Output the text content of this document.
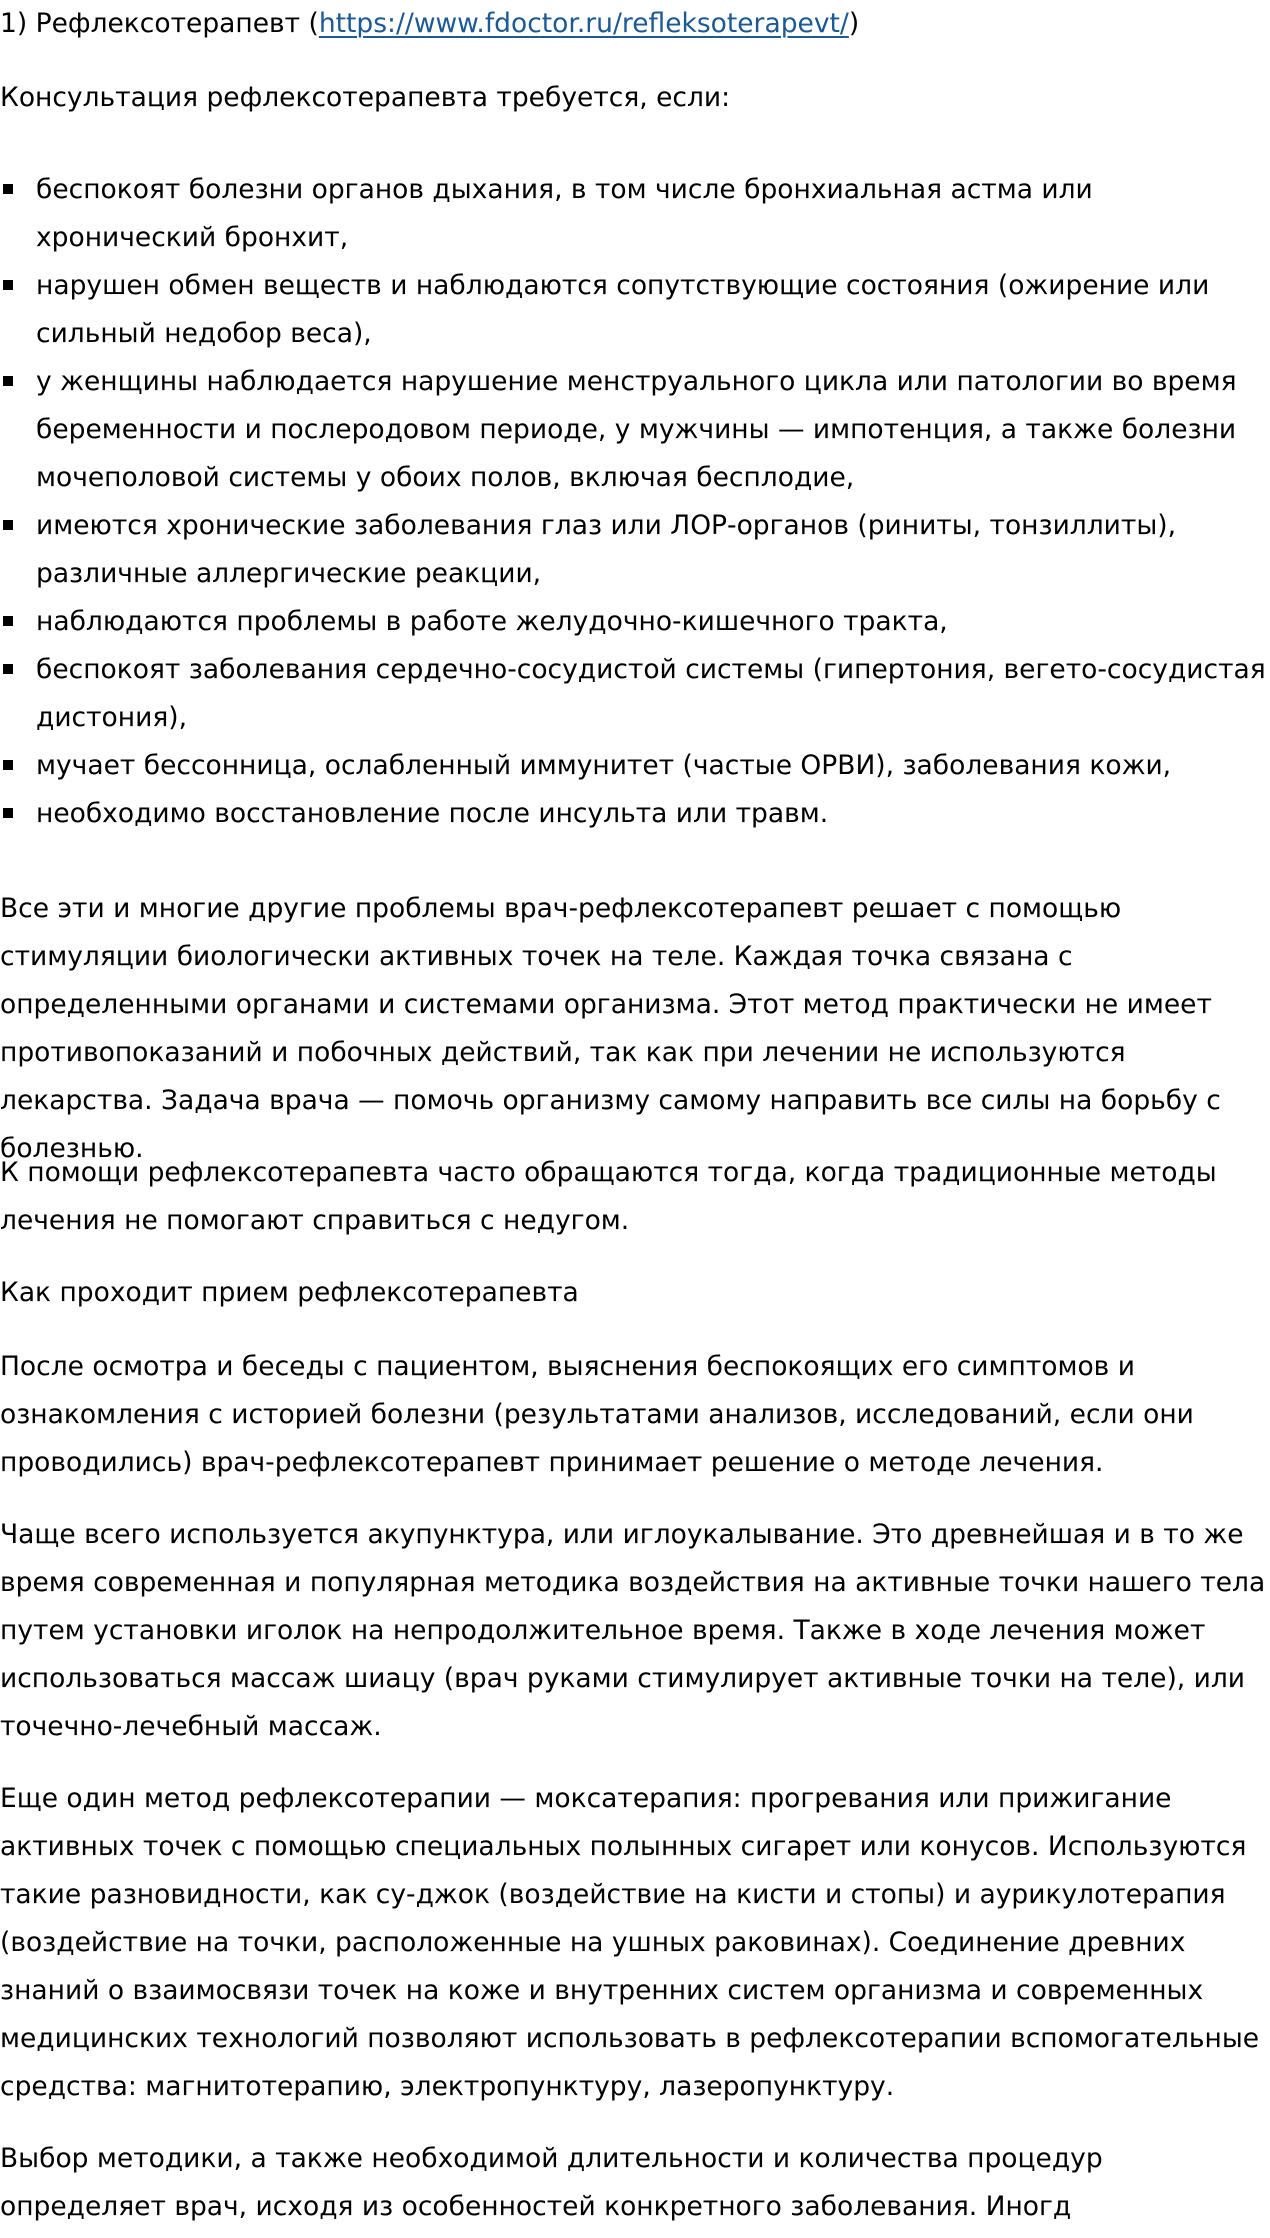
1) Рефлексотерапевт (https://www.fdoctor.ru/refleksoterapevt/)
Консультация рефлексотерапевта требуется, если:
беспокоят болезни органов дыхания, в том числе бронхиальная астма или хронический бронхит,
нарушен обмен веществ и наблюдаются сопутствующие состояния (ожирение или сильный недобор веса),
у женщины наблюдается нарушение менструального цикла или патологии во время беременности и послеродовом периоде, у мужчины — импотенция, а также болезни мочеполовой системы у обоих полов, включая бесплодие,
имеются хронические заболевания глаз или ЛОР-органов (риниты, тонзиллиты), различные аллергические реакции,
наблюдаются проблемы в работе желудочно-кишечного тракта,
беспокоят заболевания сердечно-сосудистой системы (гипертония, вегето-сосудистая дистония),
мучает бессонница, ослабленный иммунитет (частые ОРВИ), заболевания кожи,
необходимо восстановление после инсульта или травм.

Все эти и многие другие проблемы врач-рефлексотерапевт решает с помощью стимуляции биологически активных точек на теле. Каждая точка связана с определенными органами и системами организма. Этот метод практически не имеет противопоказаний и побочных действий, так как при лечении не используются лекарства. Задача врача — помочь организму самому направить все силы на борьбу с болезнью.

К помощи рефлексотерапевта часто обращаются тогда, когда традиционные методы лечения не помогают справиться с недугом.

Как проходит прием рефлексотерапевта

После осмотра и беседы с пациентом, выяснения беспокоящих его симптомов и ознакомления с историей болезни (результатами анализов, исследований, если они проводились) врач-рефлексотерапевт принимает решение о методе лечения.

Чаще всего используется акупунктура, или иглоукалывание. Это древнейшая и в то же время современная и популярная методика воздействия на активные точки нашего тела путем установки иголок на непродолжительное время. Также в ходе лечения может использоваться массаж шиацу (врач руками стимулирует активные точки на теле), или точечно-лечебный массаж.

Еще один метод рефлексотерапии — моксатерапия: прогревания или прижигание активных точек с помощью специальных полынных сигарет или конусов. Используются такие разновидности, как су-джок (воздействие на кисти и стопы) и аурикулотерапия (воздействие на точки, расположенные на ушных раковинах). Соединение древних знаний о взаимосвязи точек на коже и внутренних систем организма и современных медицинских технологий позволяют использовать в рефлексотерапии вспомогательные средства: магнитотерапию, электропунктуру, лазеропунктуру.

Выбор методики, а также необходимой длительности и количества процедур определяет врач, исходя из особенностей конкретного заболевания. Иногд
